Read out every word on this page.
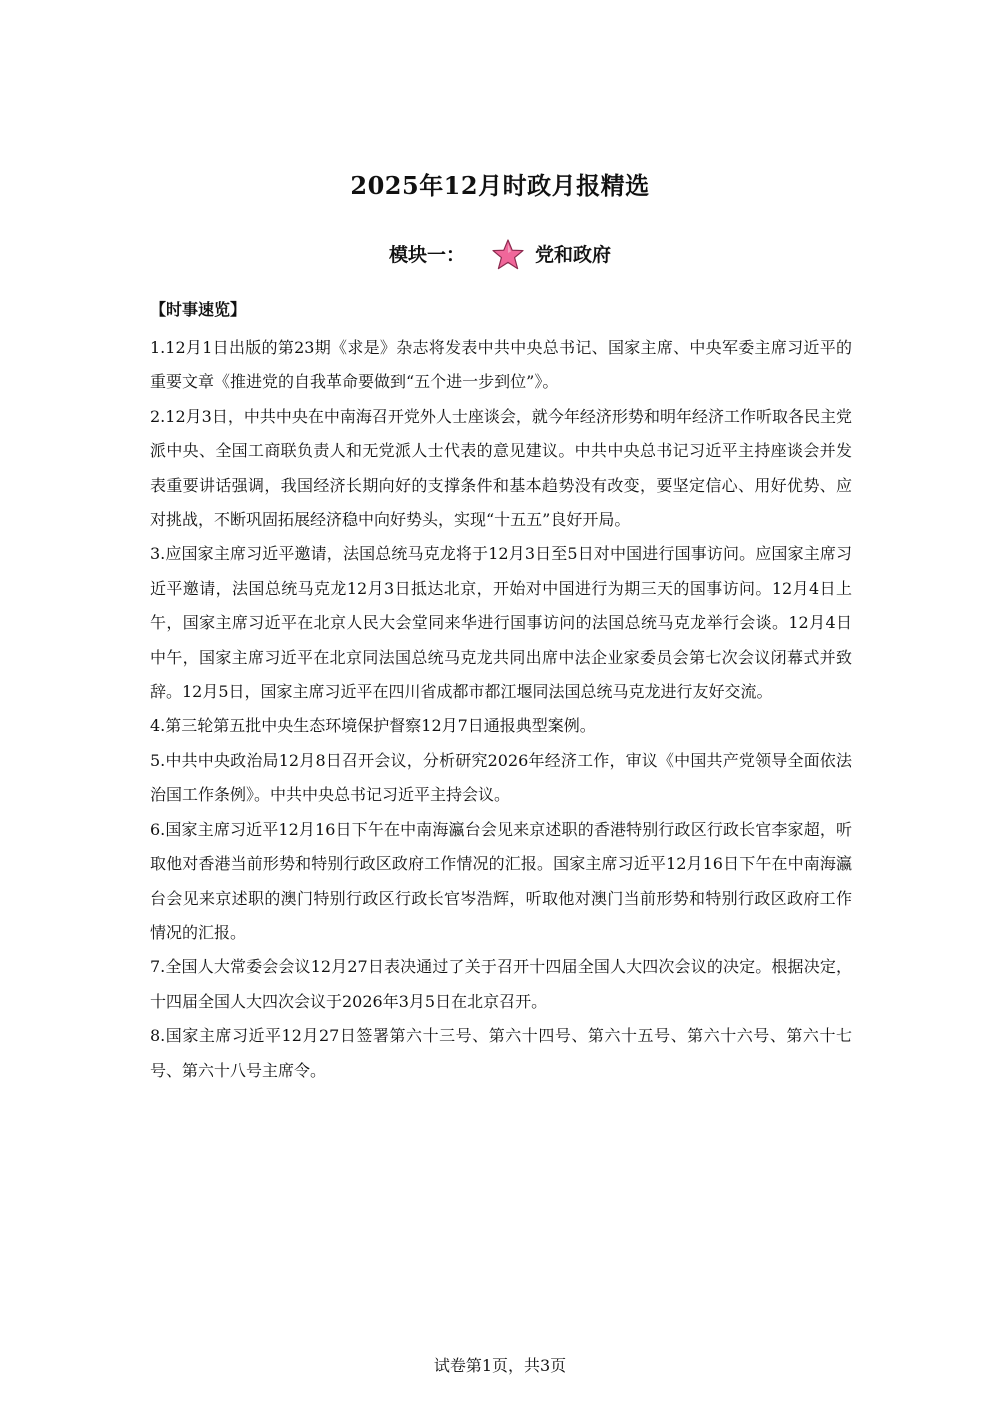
2025年12月时政月报精选
模块一：	党和政府
【时事速览】

1.12月1日出版的第23期《求是》杂志将发表中共中央总书记、国家主席、中央军委主席习近平的重要文章《推进党的自我革命要做到“五个进一步到位”》。

2.12月3日，中共中央在中南海召开党外人士座谈会，就今年经济形势和明年经济工作听取各民主党派中央、全国工商联负责人和无党派人士代表的意见建议。中共中央总书记习近平主持座谈会并发表重要讲话强调，我国经济长期向好的支撑条件和基本趋势没有改变，要坚定信心、用好优势、应对挑战，不断巩固拓展经济稳中向好势头，实现“十五五”良好开局。

3.应国家主席习近平邀请，法国总统马克龙将于12月3日至5日对中国进行国事访问。应国家主席习近平邀请，法国总统马克龙12月3日抵达北京，开始对中国进行为期三天的国事访问。12月4日上午，国家主席习近平在北京人民大会堂同来华进行国事访问的法国总统马克龙举行会谈。12月4日中午，国家主席习近平在北京同法国总统马克龙共同出席中法企业家委员会第七次会议闭幕式并致辞。12月5日，国家主席习近平在四川省成都市都江堰同法国总统马克龙进行友好交流。

4.第三轮第五批中央生态环境保护督察12月7日通报典型案例。

5.中共中央政治局12月8日召开会议，分析研究2026年经济工作，审议《中国共产党领导全面依法治国工作条例》。中共中央总书记习近平主持会议。

6.国家主席习近平12月16日下午在中南海瀛台会见来京述职的香港特别行政区行政长官李家超，听取他对香港当前形势和特别行政区政府工作情况的汇报。国家主席习近平12月16日下午在中南海瀛台会见来京述职的澳门特别行政区行政长官岑浩辉，听取他对澳门当前形势和特别行政区政府工作情况的汇报。

7.全国人大常委会会议12月27日表决通过了关于召开十四届全国人大四次会议的决定。根据决定，十四届全国人大四次会议于2026年3月5日在北京召开。

8.国家主席习近平12月27日签署第六十三号、第六十四号、第六十五号、第六十六号、第六十七号、第六十八号主席令。

试卷第1页，共3页
